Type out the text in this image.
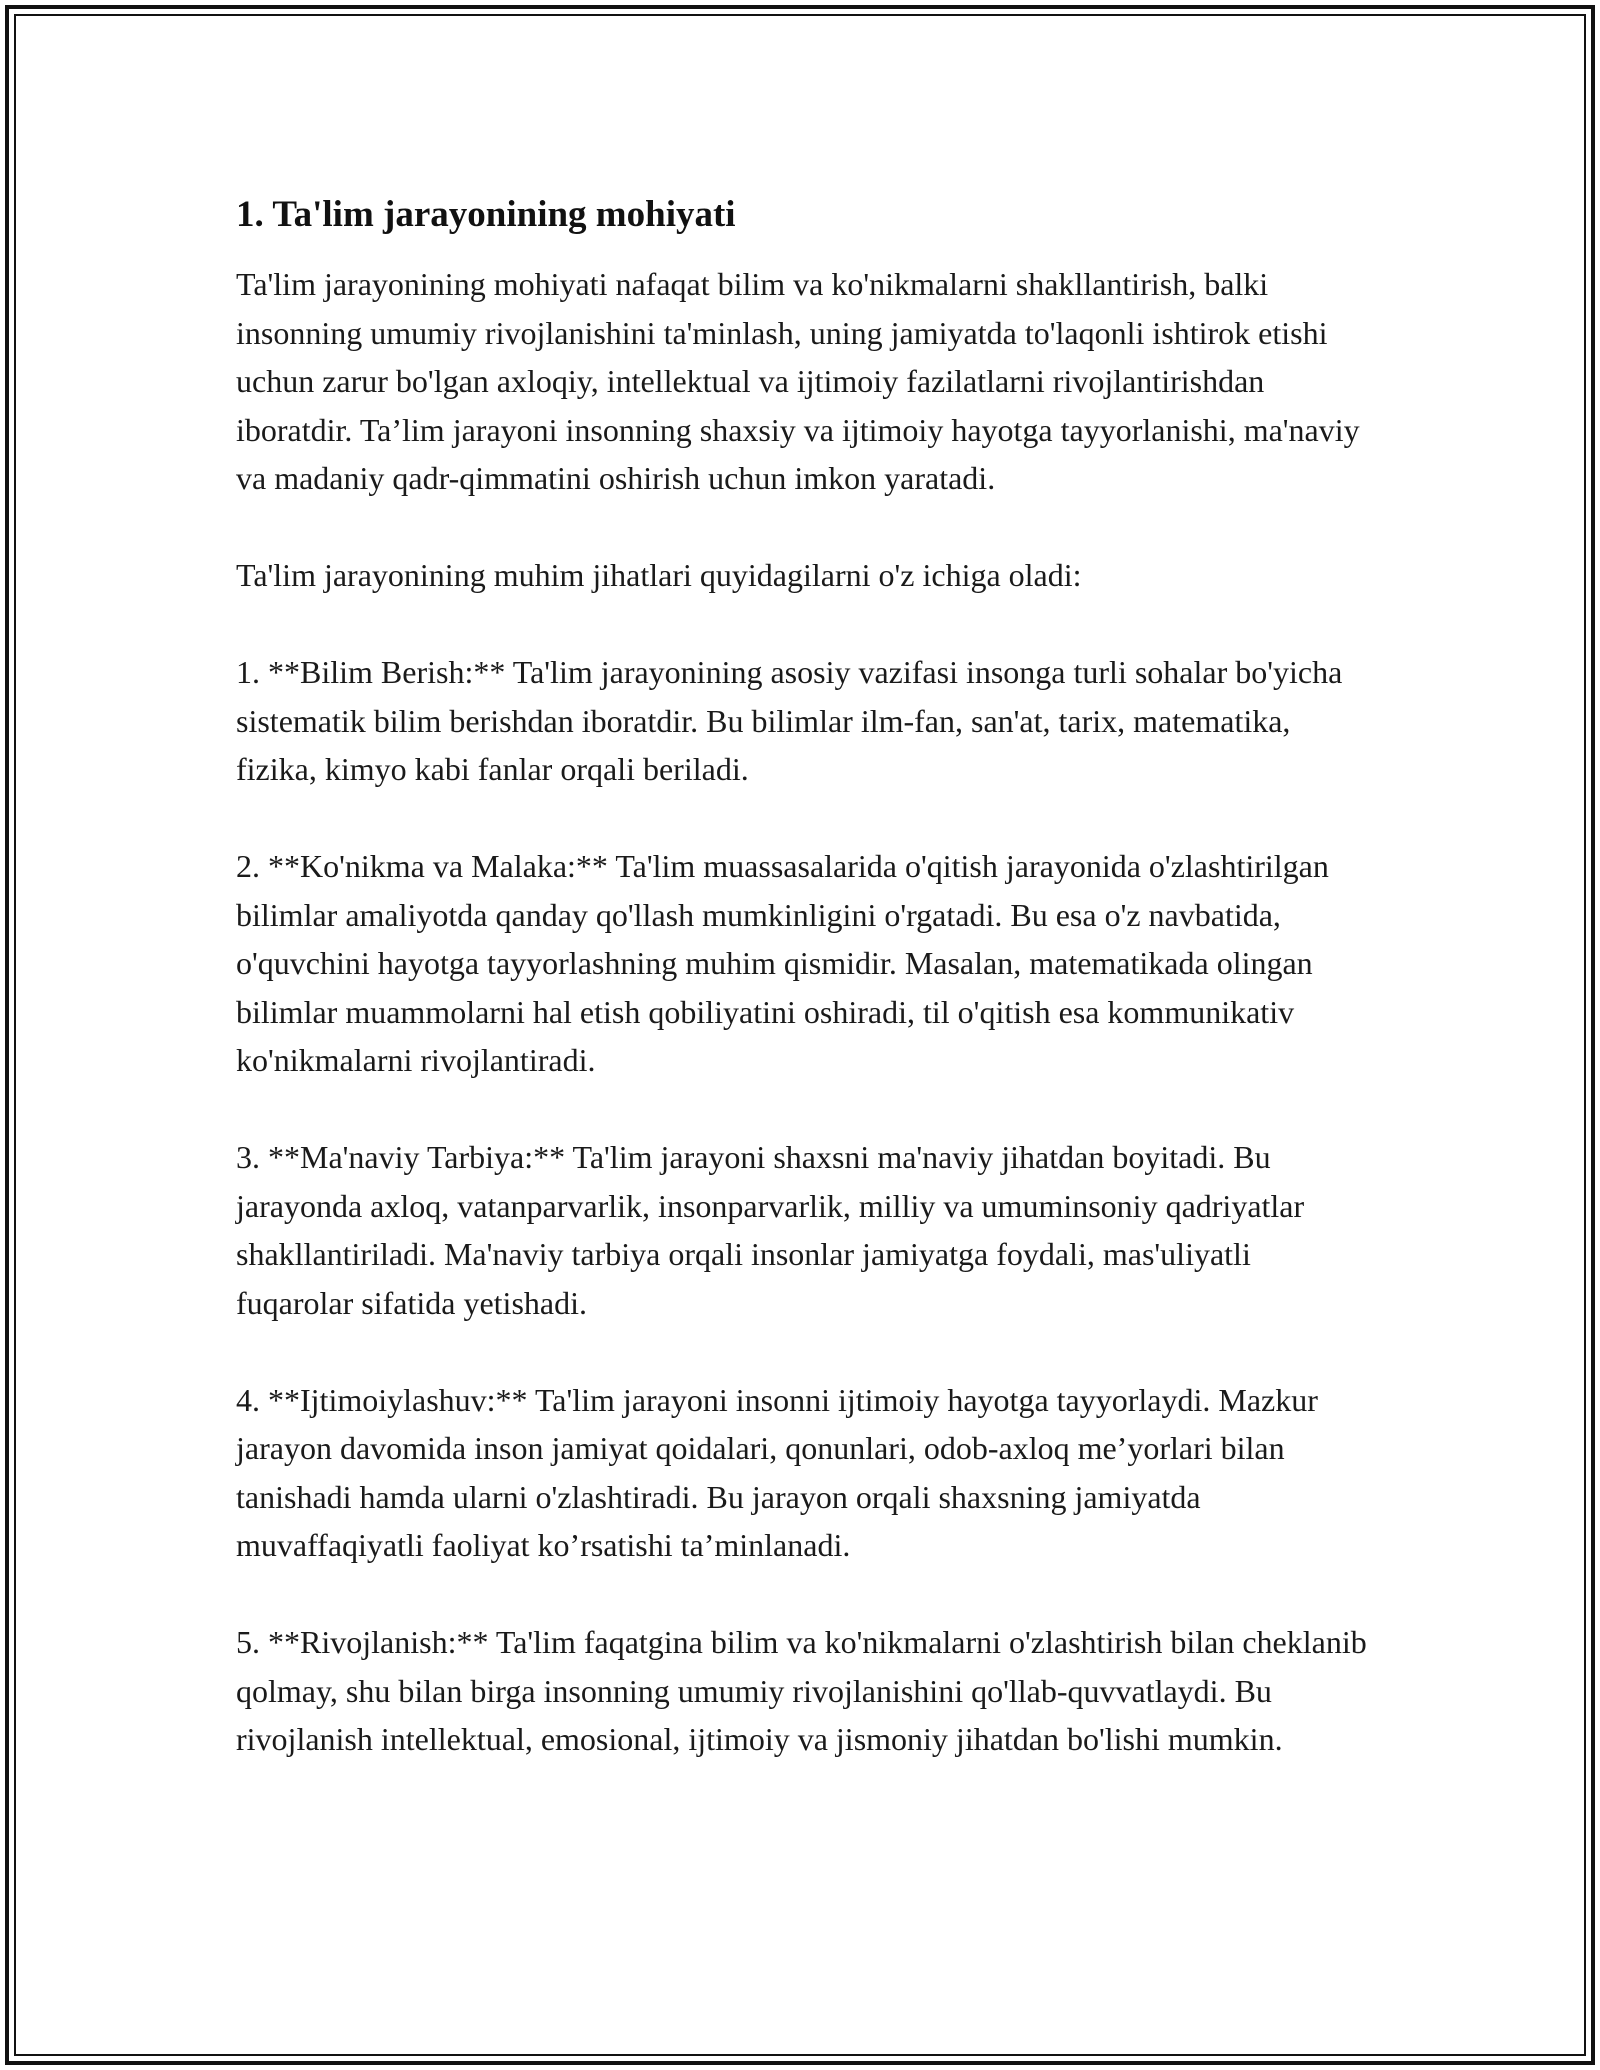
1. Ta'lim jarayonining mohiyati

Ta'lim jarayonining mohiyati nafaqat bilim va ko'nikmalarni shakllantirish, balki insonning umumiy rivojlanishini ta'minlash, uning jamiyatda to'laqonli ishtirok etishi uchun zarur bo'lgan axloqiy, intellektual va ijtimoiy fazilatlarni rivojlantirishdan iboratdir. Ta’lim jarayoni insonning shaxsiy va ijtimoiy hayotga tayyorlanishi, ma'naviy va madaniy qadr-qimmatini oshirish uchun imkon yaratadi.

Ta'lim jarayonining muhim jihatlari quyidagilarni o'z ichiga oladi:

1. **Bilim Berish:** Ta'lim jarayonining asosiy vazifasi insonga turli sohalar bo'yicha sistematik bilim berishdan iboratdir. Bu bilimlar ilm-fan, san'at, tarix, matematika, fizika, kimyo kabi fanlar orqali beriladi.

2. **Ko'nikma va Malaka:** Ta'lim muassasalarida o'qitish jarayonida o'zlashtirilgan bilimlar amaliyotda qanday qo'llash mumkinligini o'rgatadi. Bu esa o'z navbatida, o'quvchini hayotga tayyorlashning muhim qismidir. Masalan, matematikada olingan bilimlar muammolarni hal etish qobiliyatini oshiradi, til o'qitish esa kommunikativ ko'nikmalarni rivojlantiradi.

3. **Ma'naviy Tarbiya:** Ta'lim jarayoni shaxsni ma'naviy jihatdan boyitadi. Bu jarayonda axloq, vatanparvarlik, insonparvarlik, milliy va umuminsoniy qadriyatlar shakllantiriladi. Ma'naviy tarbiya orqali insonlar jamiyatga foydali, mas'uliyatli fuqarolar sifatida yetishadi.

4. **Ijtimoiylashuv:** Ta'lim jarayoni insonni ijtimoiy hayotga tayyorlaydi. Mazkur jarayon davomida inson jamiyat qoidalari, qonunlari, odob-axloq me’yorlari bilan tanishadi hamda ularni o'zlashtiradi. Bu jarayon orqali shaxsning jamiyatda muvaffaqiyatli faoliyat ko’rsatishi ta’minlanadi.

5. **Rivojlanish:** Ta'lim faqatgina bilim va ko'nikmalarni o'zlashtirish bilan cheklanib qolmay, shu bilan birga insonning umumiy rivojlanishini qo'llab-quvvatlaydi. Bu rivojlanish intellektual, emosional, ijtimoiy va jismoniy jihatdan bo'lishi mumkin.
